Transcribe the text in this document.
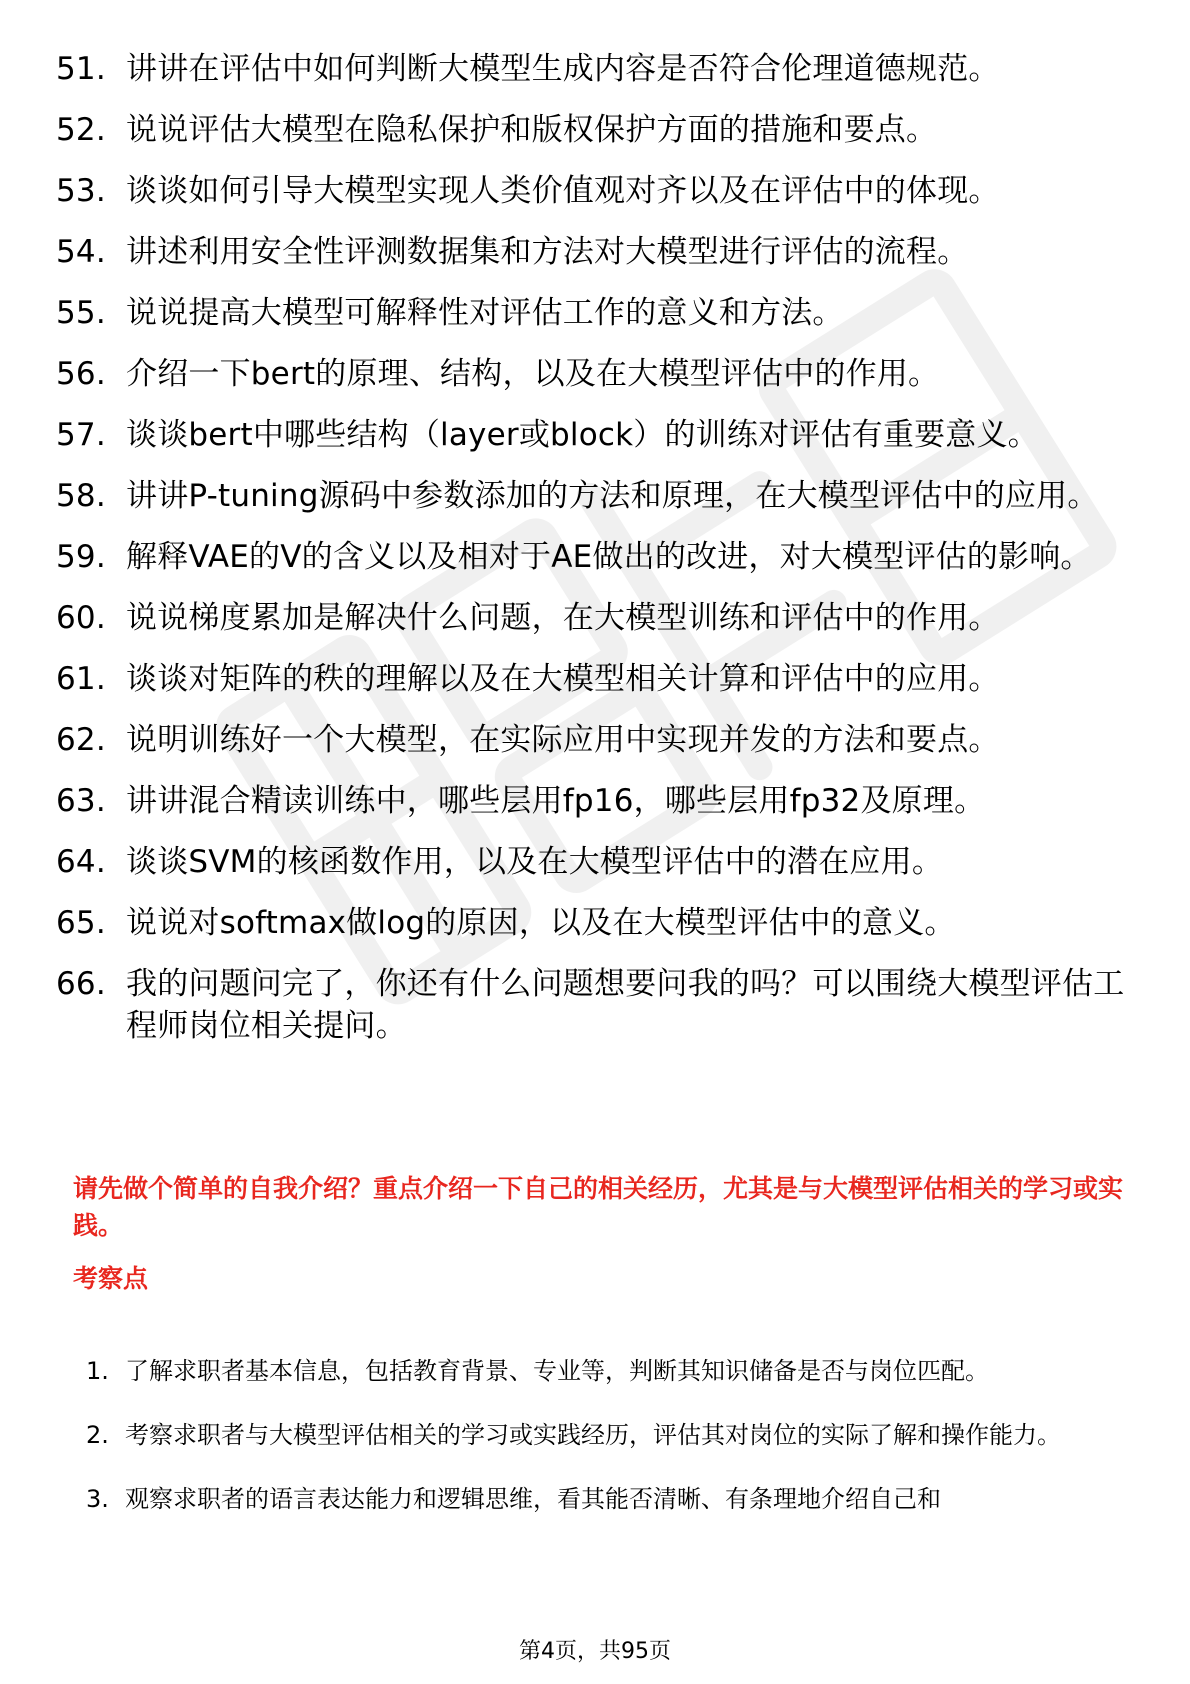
51. 讲讲在评估中如何判断大模型生成内容是否符合伦理道德规范。
52. 说说评估大模型在隐私保护和版权保护方面的措施和要点。
53. 谈谈如何引导大模型实现人类价值观对齐以及在评估中的体现。
54. 讲述利用安全性评测数据集和方法对大模型进行评估的流程。
55. 说说提高大模型可解释性对评估工作的意义和方法。
56. 介绍一下bert的原理、结构，以及在大模型评估中的作用。
57. 谈谈bert中哪些结构（layer或block）的训练对评估有重要意义。
58. 讲讲P-tuning源码中参数添加的方法和原理，在大模型评估中的应用。
59. 解释VAE的V的含义以及相对于AE做出的改进，对大模型评估的影响。
60. 说说梯度累加是解决什么问题，在大模型训练和评估中的作用。
61. 谈谈对矩阵的秩的理解以及在大模型相关计算和评估中的应用。
62. 说明训练好一个大模型，在实际应用中实现并发的方法和要点。
63. 讲讲混合精读训练中，哪些层用fp16，哪些层用fp32及原理。
64. 谈谈SVM的核函数作用，以及在大模型评估中的潜在应用。
65. 说说对softmax做log的原因，以及在大模型评估中的意义。
66. 我的问题问完了，你还有什么问题想要问我的吗？可以围绕大模型评估工程师岗位相关提问。
请先做个简单的自我介绍？重点介绍一下自己的相关经历，尤其是与大模型评估相关的学习或实践。
考察点
1. 了解求职者基本信息，包括教育背景、专业等，判断其知识储备是否与岗位匹配。
2. 考察求职者与大模型评估相关的学习或实践经历，评估其对岗位的实际了解和操作能力。
3. 观察求职者的语言表达能力和逻辑思维，看其能否清晰、有条理地介绍自己和
第4页，共95页
